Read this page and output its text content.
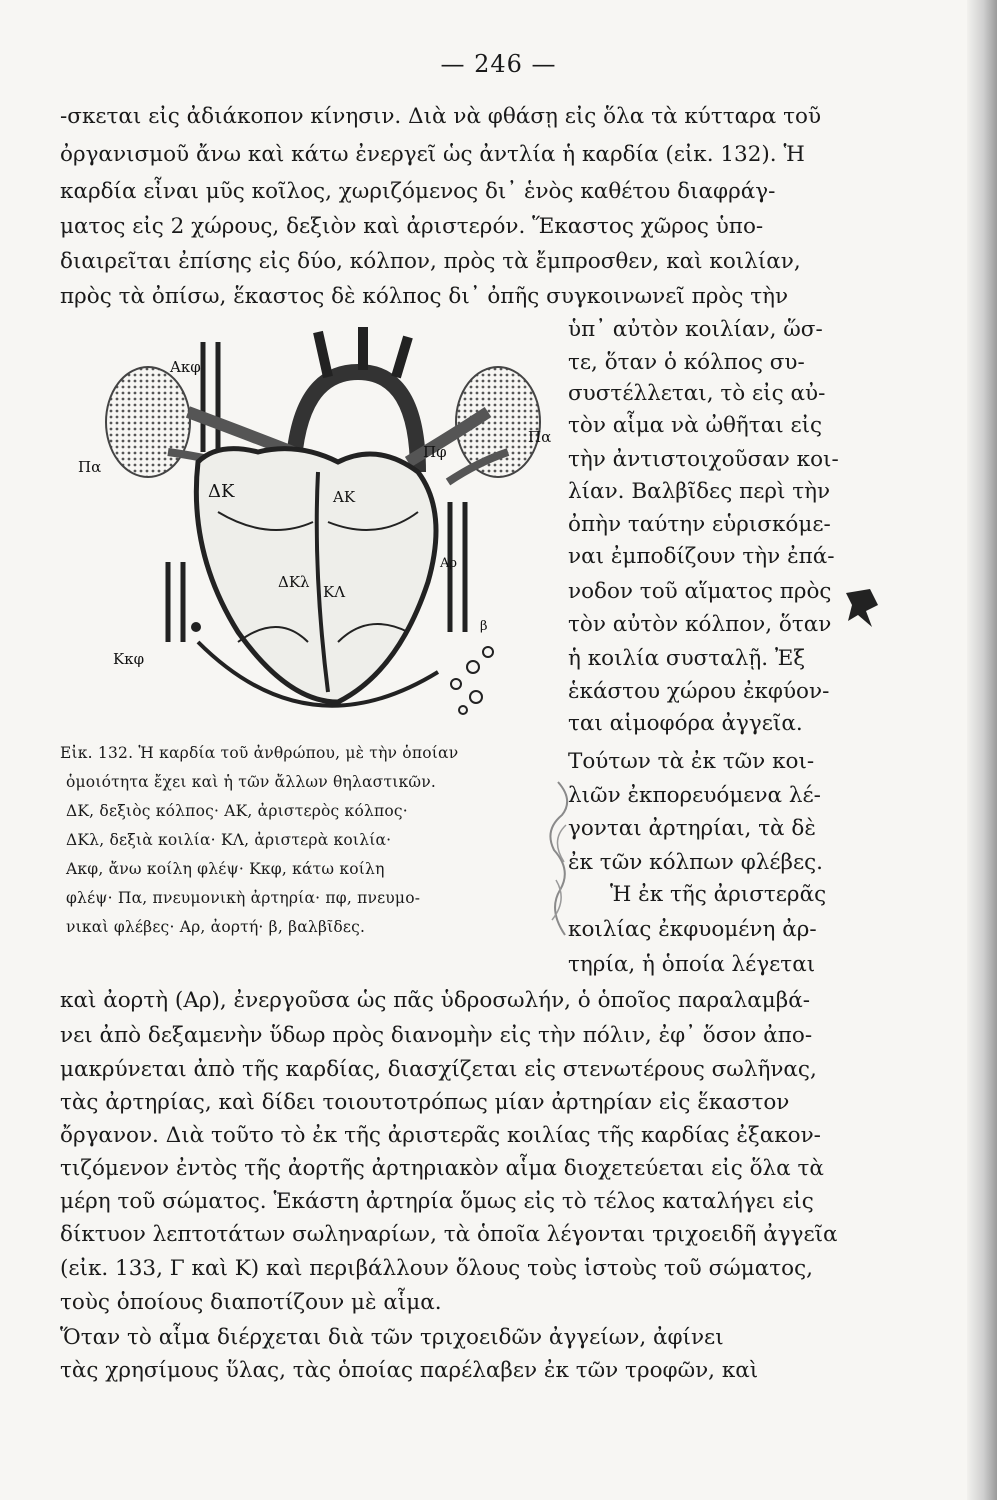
— 246 —
-σκεται εἰς ἀδιάκοπον κίνησιν. Διὰ νὰ φθάσῃ εἰς ὅλα τὰ κύτταρα τοῦ
ὀργανισμοῦ ἄνω καὶ κάτω ἐνεργεῖ ὡς ἀντλία ἡ καρδία (εἰκ. 132). Ἡ
καρδία εἶναι μῦς κοῖλος, χωριζόμενος δι᾽ ἑνὸς καθέτου διαφράγ-
ματος εἰς 2 χώρους, δεξιὸν καὶ ἀριστερόν. Ἕκαστος χῶρος ὑπο-
διαιρεῖται ἐπίσης εἰς δύο, κόλπον, πρὸς τὰ ἔμπροσθεν, καὶ κοιλίαν,
πρὸς τὰ ὀπίσω, ἕκαστος δὲ κόλπος δι᾽ ὀπῆς συγκοινωνεῖ πρὸς τὴν
Ακφ
Πα
ΔΚ	ΑΚ
Πφ
Πα
ΔΚλ
ΚΛ
Αρ
Κκφ
β
ὑπ᾽ αὐτὸν κοιλίαν, ὥσ-
τε, ὅταν ὁ κόλπος συ-
συστέλλεται, τὸ εἰς αὐ-
τὸν αἷμα νὰ ὠθῆται εἰς
τὴν ἀντιστοιχοῦσαν κοι-
λίαν. Βαλβῖδες περὶ τὴν
ὀπὴν ταύτην εὑρισκόμε-
ναι ἐμποδίζουν τὴν ἐπά-
νοδον τοῦ αἵματος πρὸς
τὸν αὐτὸν κόλπον, ὅταν
ἡ κοιλία συσταλῇ. Ἐξ
ἑκάστου χώρου ἐκφύον-
ται αἱμοφόρα ἀγγεῖα.
Τούτων τὰ ἐκ τῶν κοι-
λιῶν ἐκπορευόμενα λέ-
γονται ἀρτηρίαι, τὰ δὲ
ἐκ τῶν κόλπων φλέβες.
Ἡ ἐκ τῆς ἀριστερᾶς
κοιλίας ἐκφυομένη ἀρ-
τηρία, ἡ ὁποία λέγεται
Εἰκ. 132. Ἡ καρδία τοῦ ἀνθρώπου, μὲ τὴν ὁποίαν
ὁμοιότητα ἔχει καὶ ἡ τῶν ἄλλων θηλαστικῶν.
ΔΚ, δεξιὸς κόλπος· ΑΚ, ἀριστερὸς κόλπος·
ΔΚλ, δεξιὰ κοιλία· ΚΛ, ἀριστερὰ κοιλία·
Ακφ, ἄνω κοίλη φλέψ· Κκφ, κάτω κοίλη
φλέψ· Πα, πνευμονικὴ ἀρτηρία· πφ, πνευμο-
νικαὶ φλέβες· Αρ, ἀορτή· β, βαλβῖδες.
καὶ ἀορτὴ (Αρ), ἐνεργοῦσα ὡς πᾶς ὑδροσωλήν, ὁ ὁποῖος παραλαμβά-
νει ἀπὸ δεξαμενὴν ὕδωρ πρὸς διανομὴν εἰς τὴν πόλιν, ἐφ᾽ ὅσον ἀπο-
μακρύνεται ἀπὸ τῆς καρδίας, διασχίζεται εἰς στενωτέρους σωλῆνας,
τὰς ἀρτηρίας, καὶ δίδει τοιουτοτρόπως μίαν ἀρτηρίαν εἰς ἕκαστον
ὄργανον. Διὰ τοῦτο τὸ ἐκ τῆς ἀριστερᾶς κοιλίας τῆς καρδίας ἐξακον-
τιζόμενον ἐντὸς τῆς ἀορτῆς ἀρτηριακὸν αἷμα διοχετεύεται εἰς ὅλα τὰ
μέρη τοῦ σώματος. Ἑκάστη ἀρτηρία ὅμως εἰς τὸ τέλος καταλήγει εἰς
δίκτυον λεπτοτάτων σωληναρίων, τὰ ὁποῖα λέγονται τριχοειδῆ ἀγγεῖα
(εἰκ. 133, Γ καὶ Κ) καὶ περιβάλλουν ὅλους τοὺς ἱστοὺς τοῦ σώματος,
τοὺς ὁποίους διαποτίζουν μὲ αἷμα.
Ὅταν τὸ αἷμα διέρχεται διὰ τῶν τριχοειδῶν ἀγγείων, ἀφίνει
τὰς χρησίμους ὕλας, τὰς ὁποίας παρέλαβεν ἐκ τῶν τροφῶν, καὶ
